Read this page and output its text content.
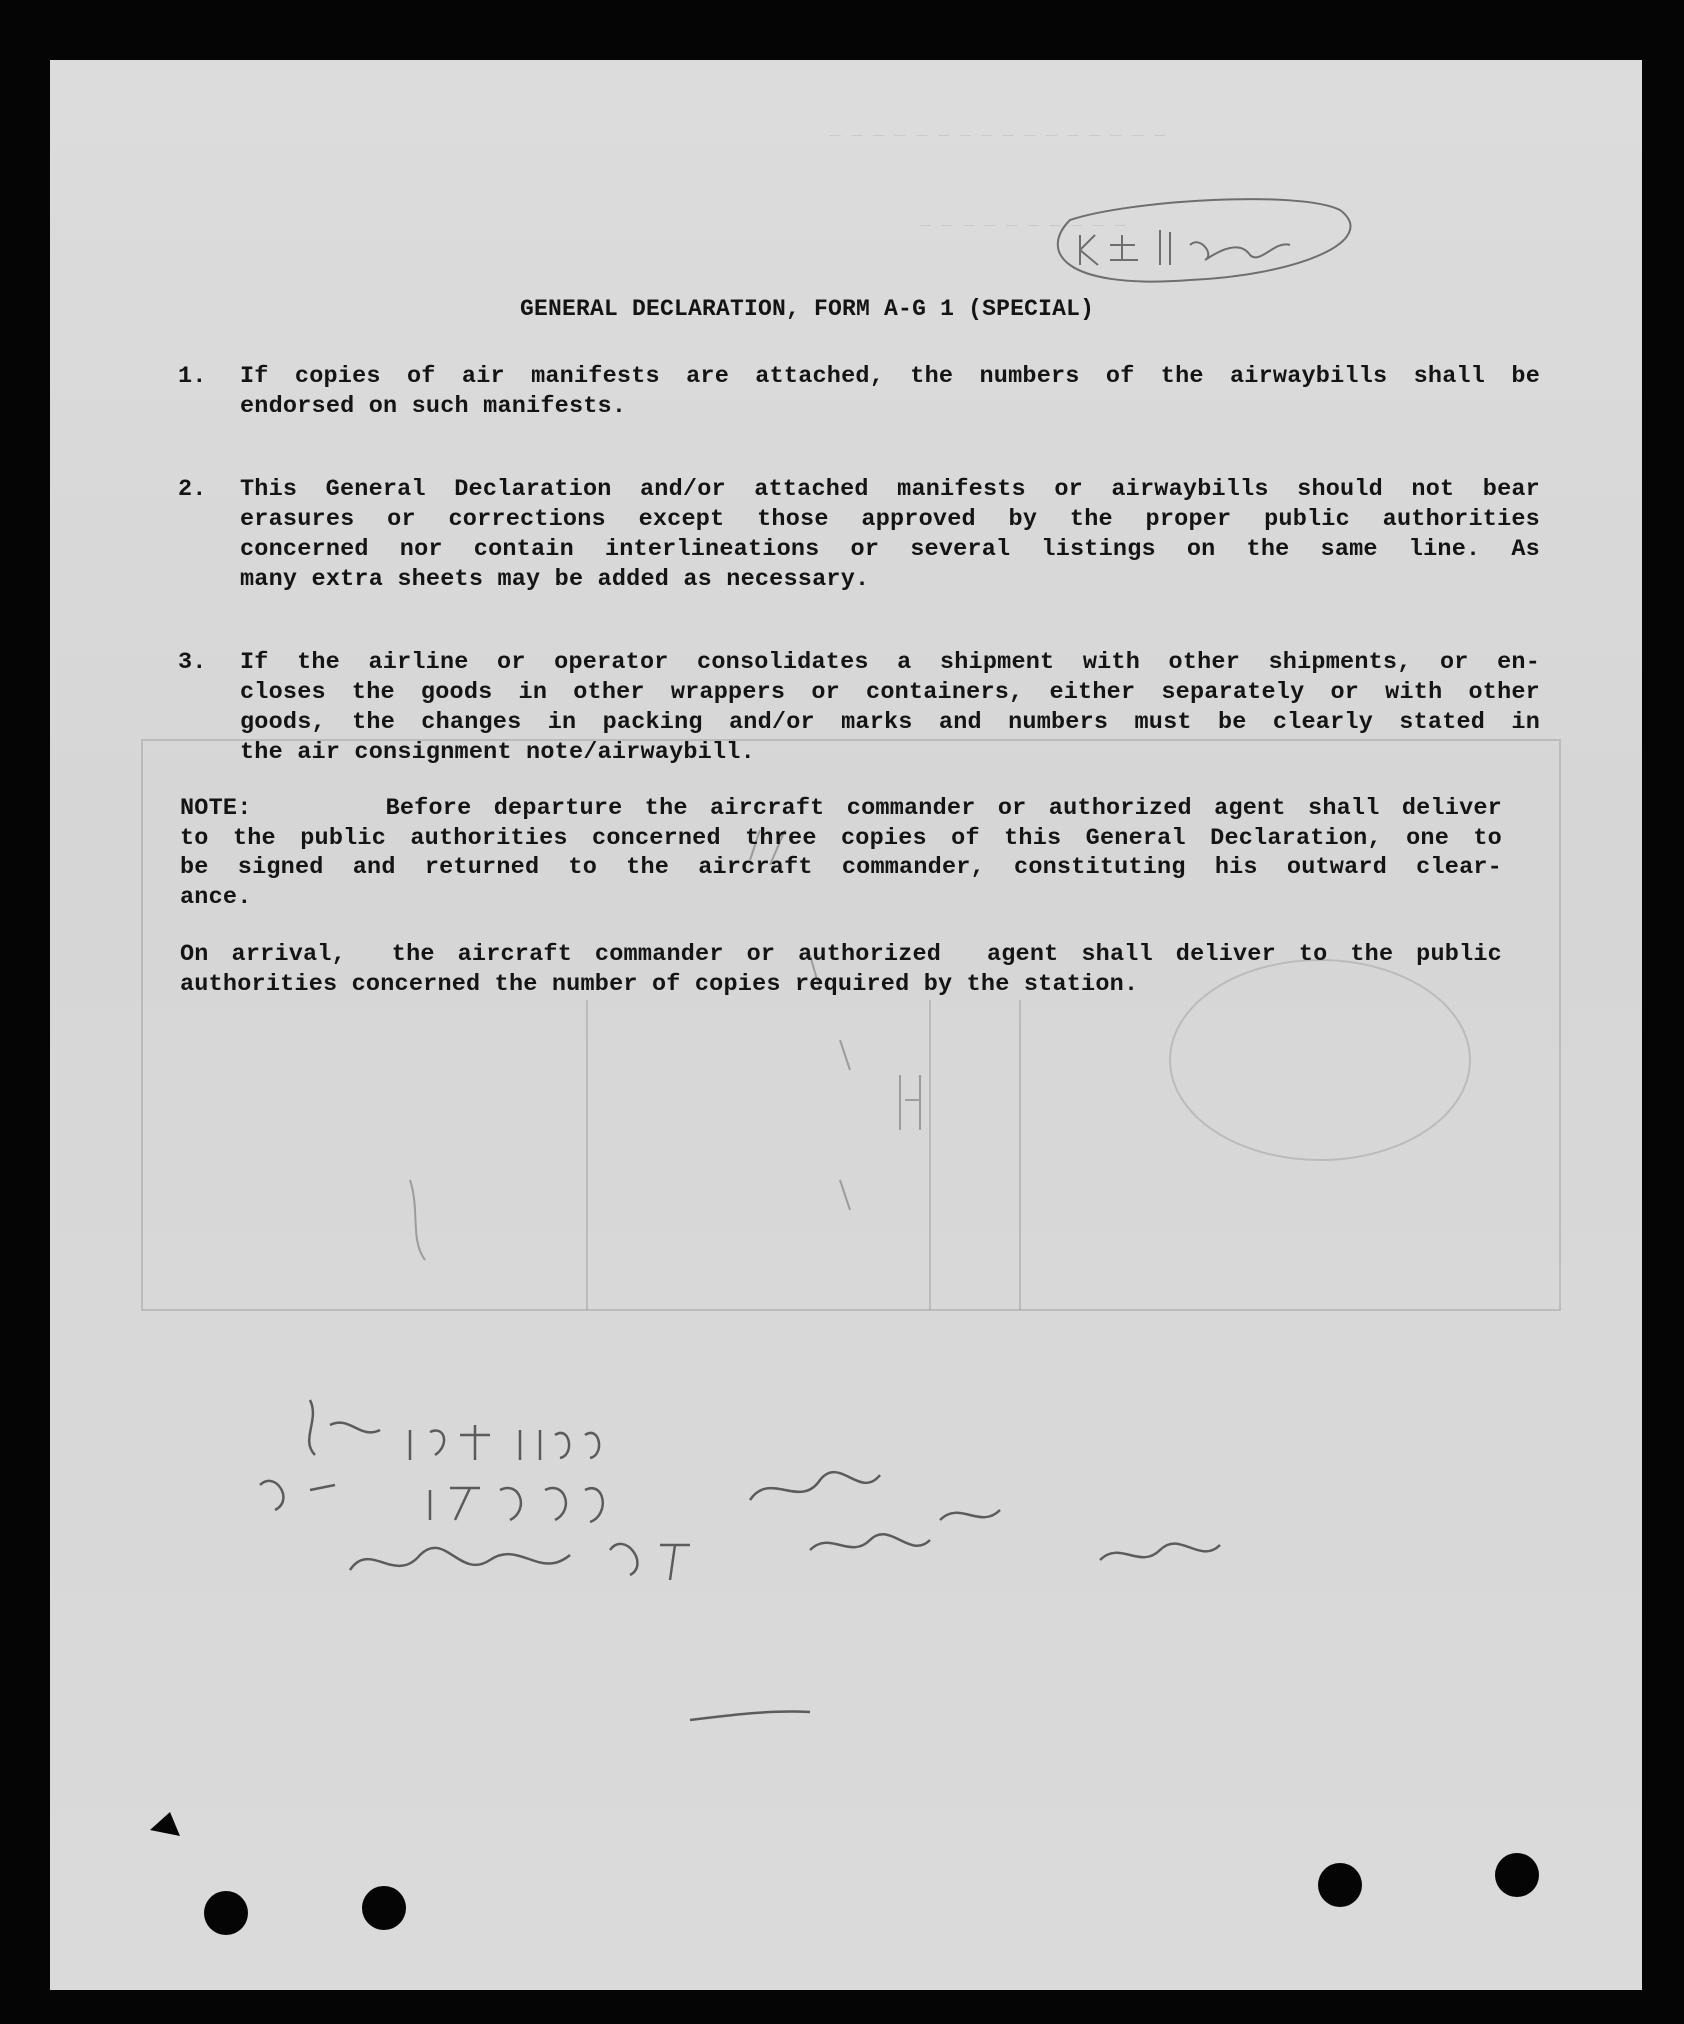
_ _ _ _ _ _ _ _ _ _ _ _ _ _ _ _
_ _ _ _ _ _ _ _ _ _
GENERAL DECLARATION, FORM A-G 1 (SPECIAL)
1.	If copies of air manifests are attached, the numbers of the airwaybills shall be
endorsed on such manifests.
2.	This General Declaration and/or attached manifests or airwaybills should not bear
erasures or corrections except those approved by the proper public authorities
concerned nor contain interlineations or several listings on the same line. As
many extra sheets may be added as necessary.
3.	If the airline or operator consolidates a shipment with other shipments, or en-
closes the goods in other wrappers or containers, either separately or with other
goods, the changes in packing and/or marks and numbers must be clearly stated in
the air consignment note/airwaybill.
NOTE:      Before departure the aircraft commander or authorized agent shall deliver
to the public authorities concerned three copies of this General Declaration, one to
be signed and returned to the aircraft commander, constituting his outward clear-
ance.
On arrival,  the aircraft commander or authorized  agent shall deliver to the public
authorities concerned the number of copies required by the station.
